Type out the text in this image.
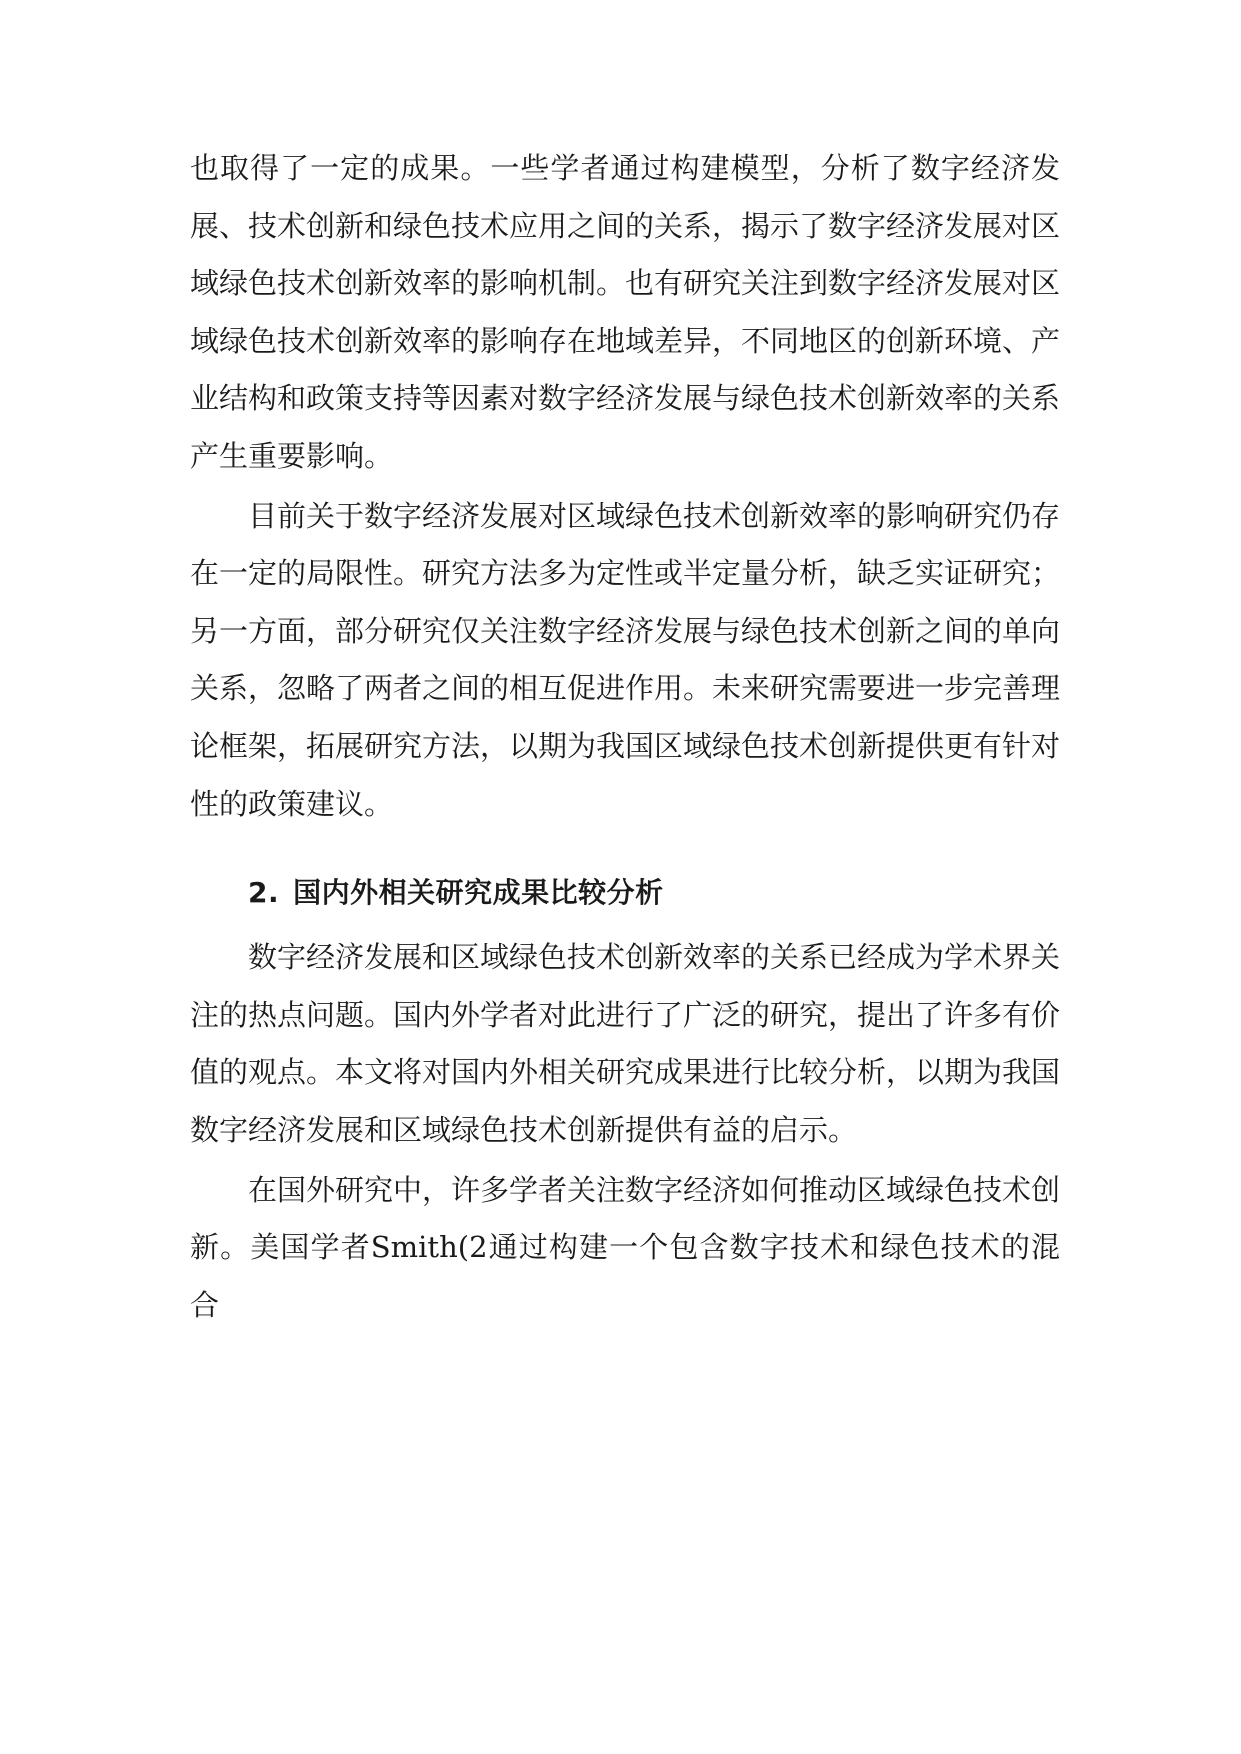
也取得了一定的成果。一些学者通过构建模型，分析了数字经济发展、技术创新和绿色技术应用之间的关系，揭示了数字经济发展对区域绿色技术创新效率的影响机制。也有研究关注到数字经济发展对区域绿色技术创新效率的影响存在地域差异，不同地区的创新环境、产业结构和政策支持等因素对数字经济发展与绿色技术创新效率的关系产生重要影响。

目前关于数字经济发展对区域绿色技术创新效率的影响研究仍存在一定的局限性。研究方法多为定性或半定量分析，缺乏实证研究；另一方面，部分研究仅关注数字经济发展与绿色技术创新之间的单向关系，忽略了两者之间的相互促进作用。未来研究需要进一步完善理论框架，拓展研究方法，以期为我国区域绿色技术创新提供更有针对性的政策建议。

2. 国内外相关研究成果比较分析

数字经济发展和区域绿色技术创新效率的关系已经成为学术界关注的热点问题。国内外学者对此进行了广泛的研究，提出了许多有价值的观点。本文将对国内外相关研究成果进行比较分析，以期为我国数字经济发展和区域绿色技术创新提供有益的启示。

在国外研究中，许多学者关注数字经济如何推动区域绿色技术创新。美国学者Smith(2通过构建一个包含数字技术和绿色技术的混合
